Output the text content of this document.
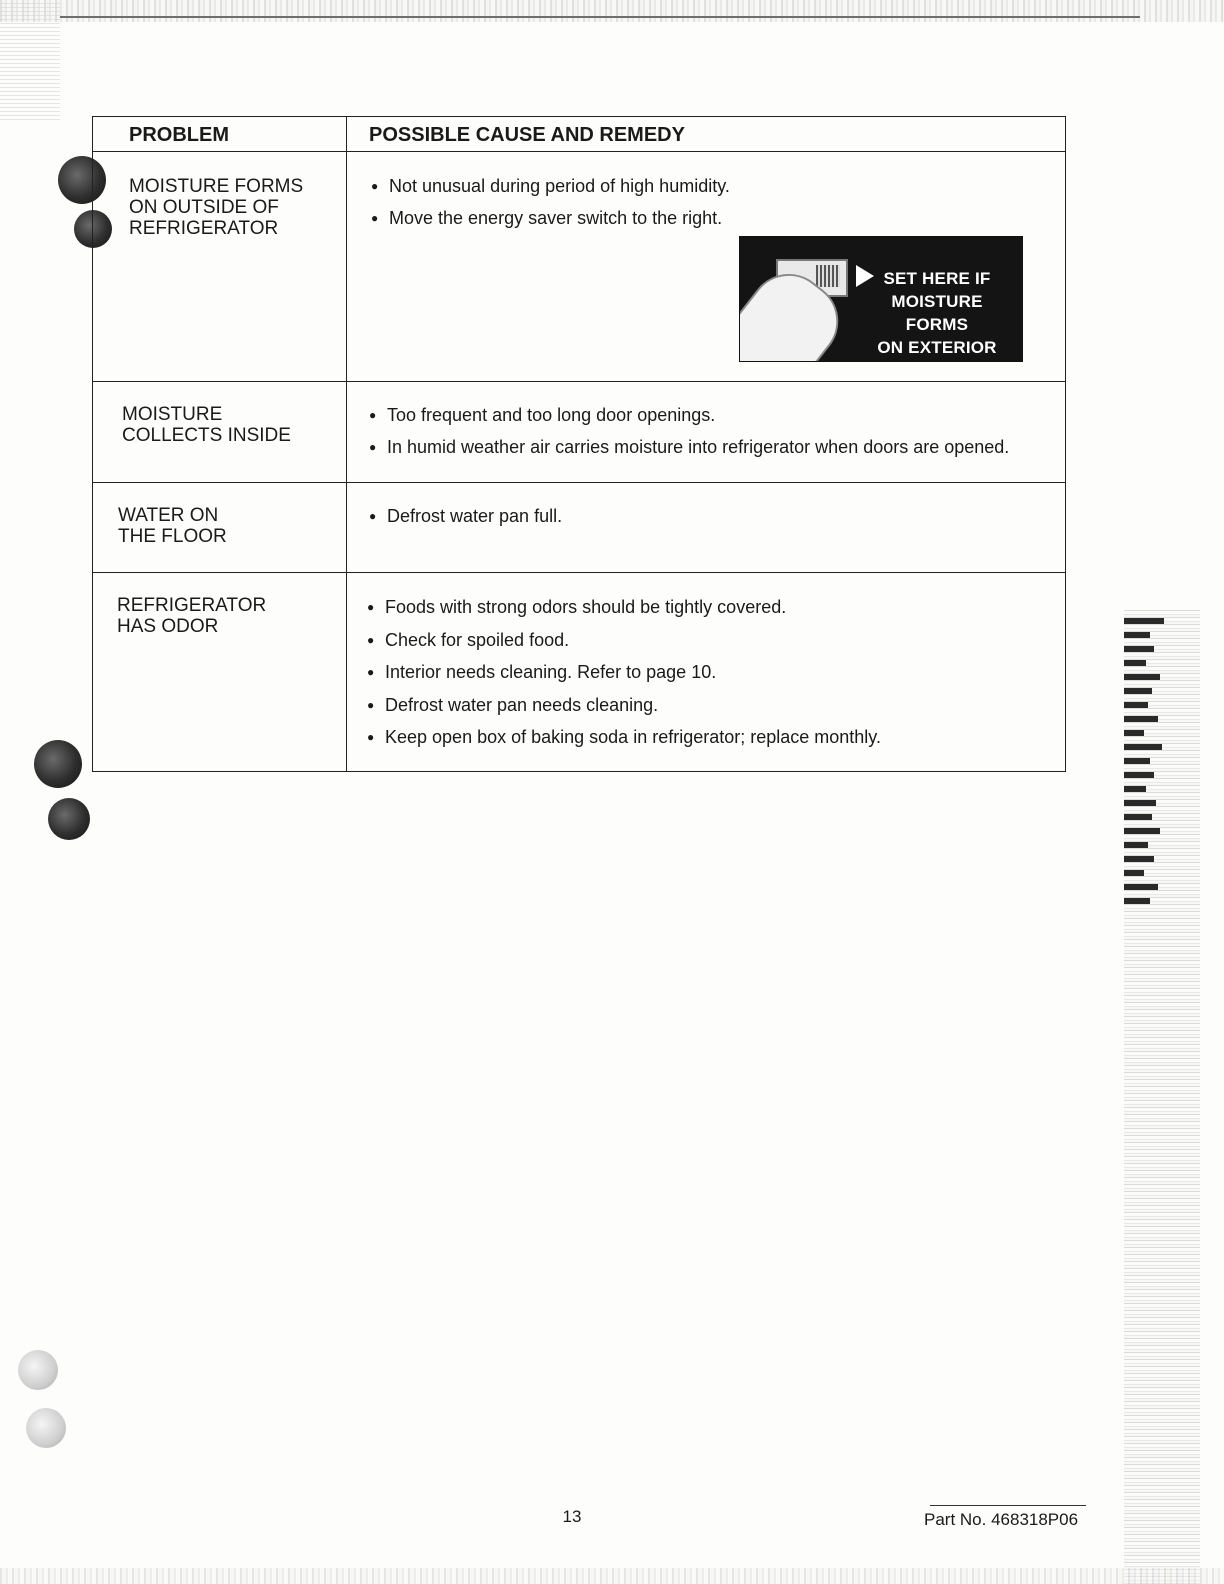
PROBLEM	POSSIBLE CAUSE AND REMEDY
MOISTURE FORMS
ON OUTSIDE OF
REFRIGERATOR
● Not unusual during period of high humidity.
● Move the energy saver switch to the right.
SET HERE IF
MOISTURE FORMS
ON EXTERIOR
MOISTURE
COLLECTS INSIDE
● Too frequent and too long door openings.
● In humid weather air carries moisture into refrigerator when doors are opened.
WATER ON
THE FLOOR
● Defrost water pan full.
REFRIGERATOR
HAS ODOR
● Foods with strong odors should be tightly covered.
● Check for spoiled food.
● Interior needs cleaning. Refer to page 10.
● Defrost water pan needs cleaning.
● Keep open box of baking soda in refrigerator; replace monthly.
13	Part No. 468318P06
